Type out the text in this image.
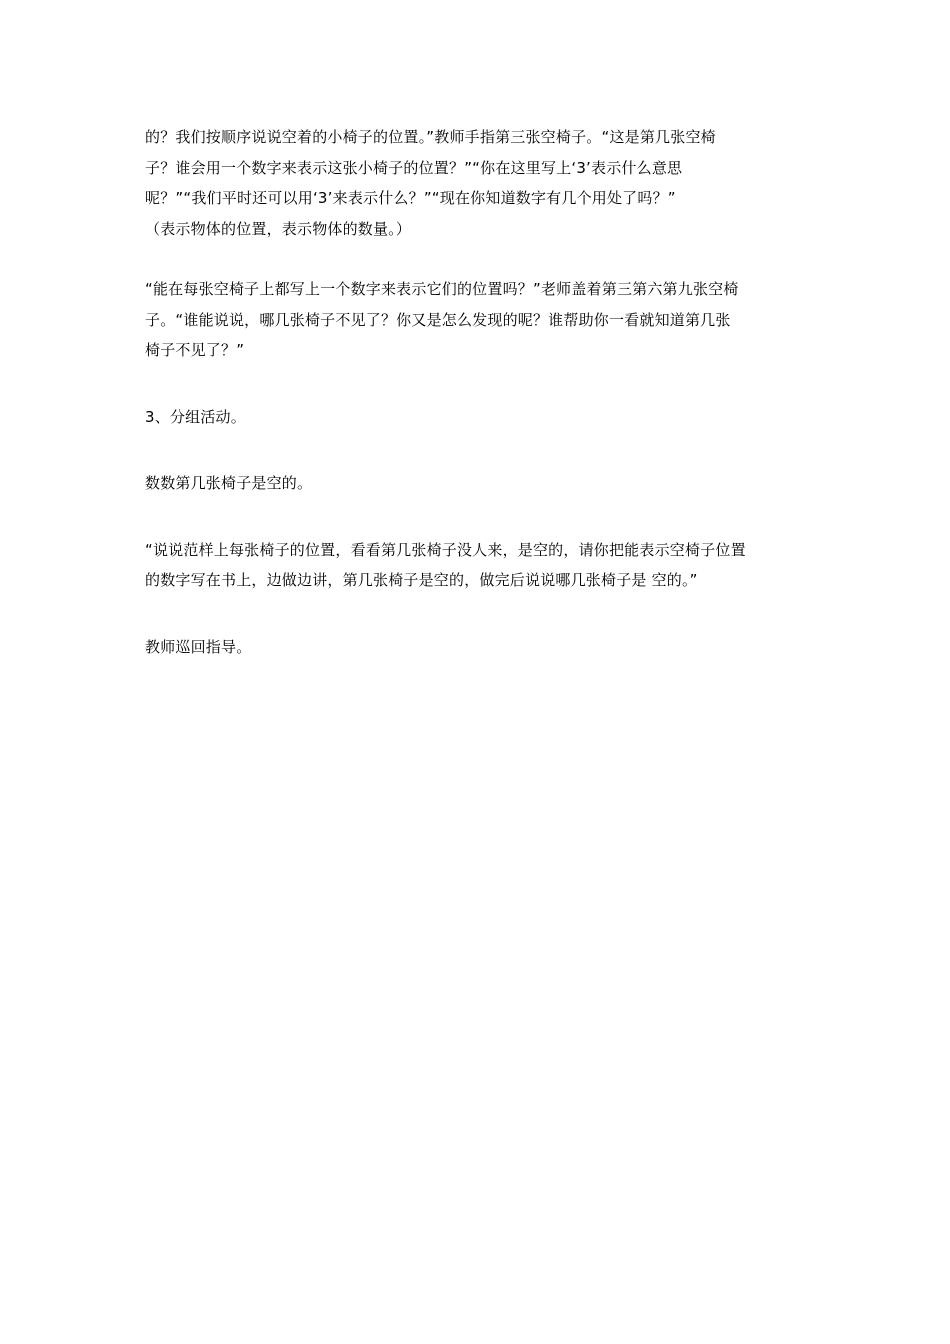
的？我们按顺序说说空着的小椅子的位置。”教师手指第三张空椅子。“这是第几张空椅
子？谁会用一个数字来表示这张小椅子的位置？”“你在这里写上‘3’表示什么意思
呢？”“我们平时还可以用‘3’来表示什么？”“现在你知道数字有几个用处了吗？”
（表示物体的位置，表示物体的数量。）

“能在每张空椅子上都写上一个数字来表示它们的位置吗？”老师盖着第三第六第九张空椅
子。“谁能说说，哪几张椅子不见了？你又是怎么发现的呢？谁帮助你一看就知道第几张
椅子不见了？”

3、分组活动。

数数第几张椅子是空的。

“说说范样上每张椅子的位置，看看第几张椅子没人来，是空的，请你把能表示空椅子位置
的数字写在书上，边做边讲，第几张椅子是空的，做完后说说哪几张椅子是 空的。”

教师巡回指导。
